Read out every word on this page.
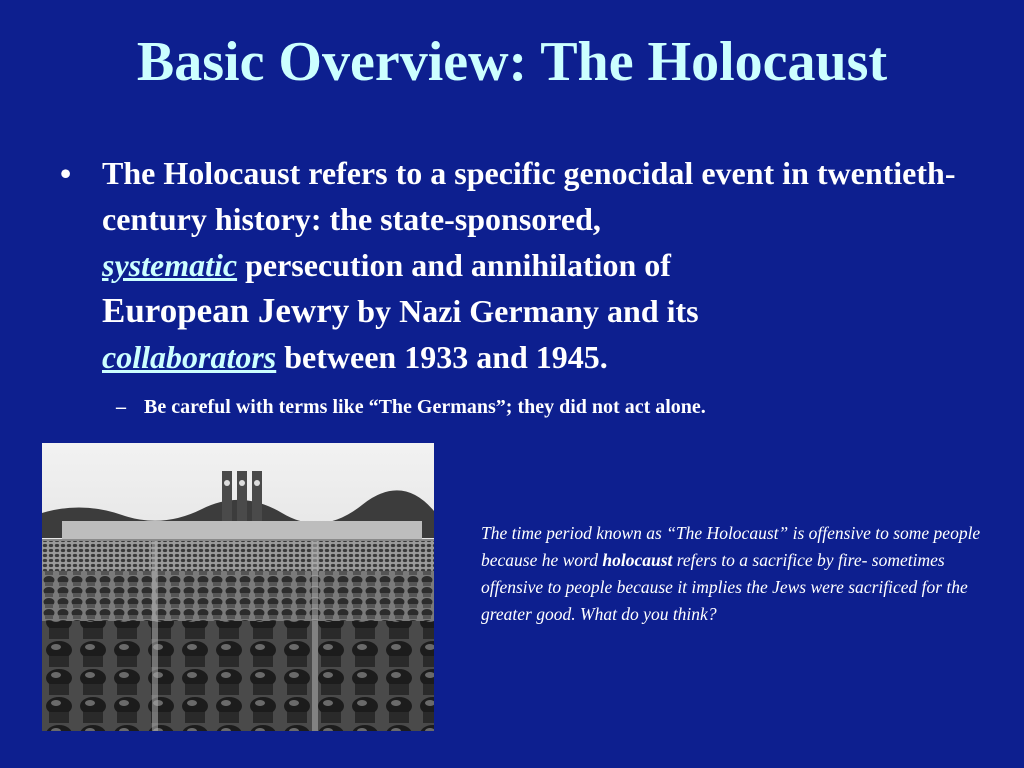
Basic Overview: The Holocaust
• The Holocaust refers to a specific genocidal event in twentieth-century history: the state-sponsored,
systematic persecution and annihilation of
European Jewry by Nazi Germany and its
collaborators between 1933 and 1945.
– Be careful with terms like “The Germans”; they did not act alone.
The time period known as “The Holocaust” is offensive to some people because he word holocaust refers to a sacrifice by fire- sometimes offensive to people because it implies the Jews were sacrificed for the greater good. What do you think?
